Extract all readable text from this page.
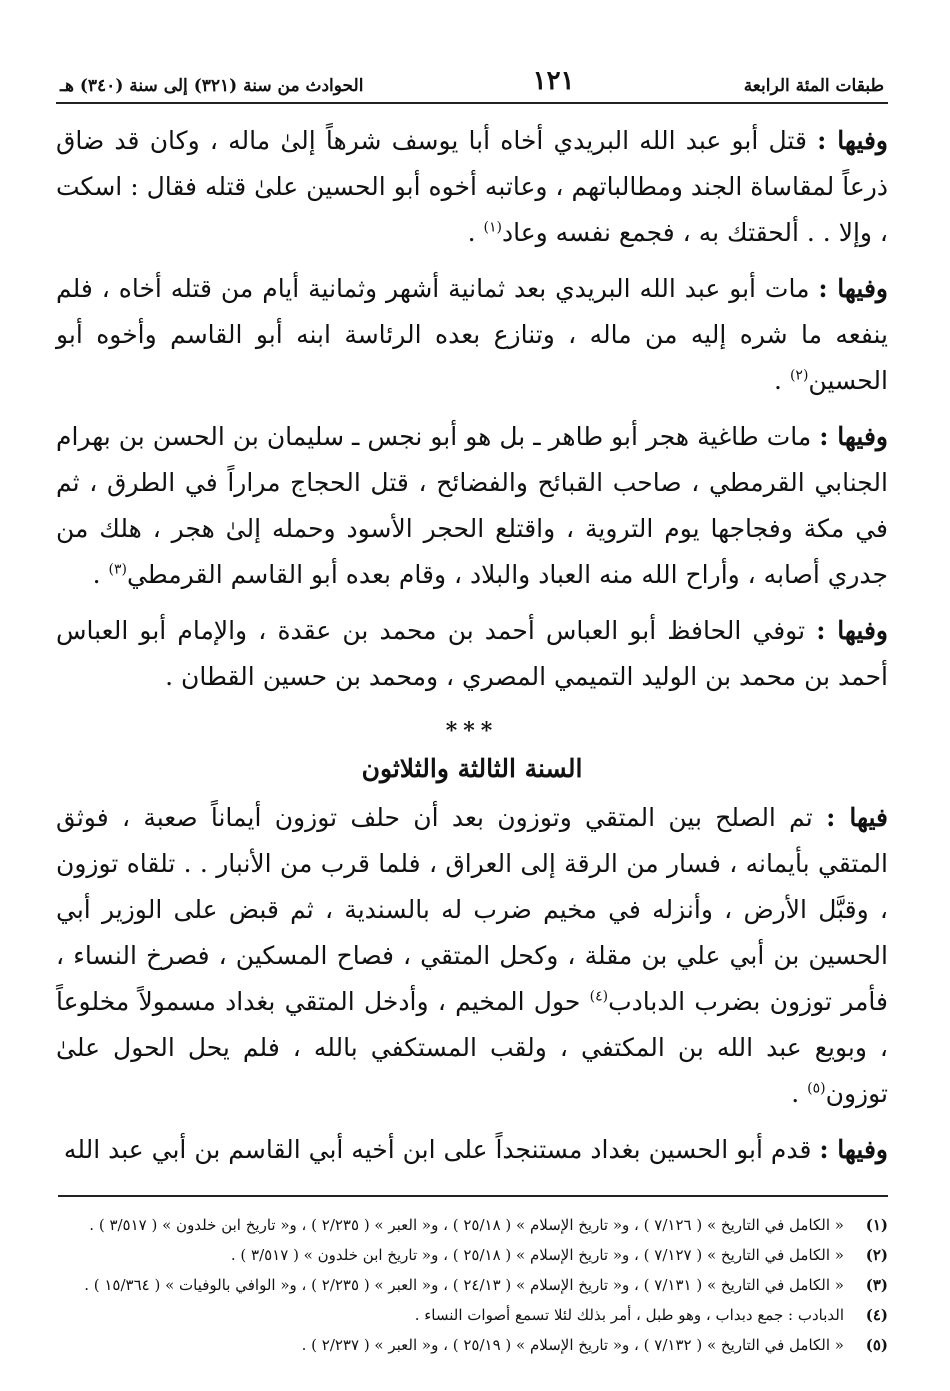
طبقات المئة الرابعة
١٢١
الحوادث من سنة (٣٢١) إلى سنة (٣٤٠) هـ

وفيها : قتل أبو عبد الله البريدي أخاه أبا يوسف شرهاً إلىٰ ماله ، وكان قد ضاق ذرعاً لمقاساة الجند ومطالباتهم ، وعاتبه أخوه أبو الحسين علىٰ قتله فقال : اسكت ، وإلا . . ألحقتك به ، فجمع نفسه وعاد$^{(١)}$ .

وفيها : مات أبو عبد الله البريدي بعد ثمانية أشهر وثمانية أيام من قتله أخاه ، فلم ينفعه ما شره إليه من ماله ، وتنازع بعده الرئاسة ابنه أبو القاسم وأخوه أبو الحسين$^{(٢)}$ .

وفيها : مات طاغية هجر أبو طاهر ـ بل هو أبو نجس ـ سليمان بن الحسن بن بهرام الجنابي القرمطي ، صاحب القبائح والفضائح ، قتل الحجاج مراراً في الطرق ، ثم في مكة وفجاجها يوم التروية ، واقتلع الحجر الأسود وحمله إلىٰ هجر ، هلك من جدري أصابه ، وأراح الله منه العباد والبلاد ، وقام بعده أبو القاسم القرمطي$^{(٣)}$ .

وفيها : توفي الحافظ أبو العباس أحمد بن محمد بن عقدة ، والإمام أبو العباس أحمد بن محمد بن الوليد التميمي المصري ، ومحمد بن حسين القطان .

***
السنة الثالثة والثلاثون

فيها : تم الصلح بين المتقي وتوزون بعد أن حلف توزون أيماناً صعبة ، فوثق المتقي بأيمانه ، فسار من الرقة إلى العراق ، فلما قرب من الأنبار . . تلقاه توزون ، وقبَّل الأرض ، وأنزله في مخيم ضرب له بالسندية ، ثم قبض على الوزير أبي الحسين بن أبي علي بن مقلة ، وكحل المتقي ، فصاح المسكين ، فصرخ النساء ، فأمر توزون بضرب الدبادب$^{(٤)}$ حول المخيم ، وأدخل المتقي بغداد مسمولاً مخلوعاً ، وبويع عبد الله بن المكتفي ، ولقب المستكفي بالله ، فلم يحل الحول علىٰ توزون$^{(٥)}$ .

وفيها : قدم أبو الحسين بغداد مستنجداً على ابن أخيه أبي القاسم بن أبي عبد الله

(١)
« الكامل في التاريخ » ( ٧/١٢٦ ) ، و« تاريخ الإسلام » ( ٢٥/١٨ ) ، و« العبر » ( ٢/٢٣٥ ) ، و« تاريخ ابن خلدون » ( ٣/٥١٧ ) .
(٢)
« الكامل في التاريخ » ( ٧/١٢٧ ) ، و« تاريخ الإسلام » ( ٢٥/١٨ ) ، و« تاريخ ابن خلدون » ( ٣/٥١٧ ) .
(٣)
« الكامل في التاريخ » ( ٧/١٣١ ) ، و« تاريخ الإسلام » ( ٢٤/١٣ ) ، و« العبر » ( ٢/٢٣٥ ) ، و« الوافي بالوفيات » ( ١٥/٣٦٤ ) .
(٤)
الدبادب : جمع دبداب ، وهو طبل ، أمر بذلك لئلا تسمع أصوات النساء .
(٥)
« الكامل في التاريخ » ( ٧/١٣٢ ) ، و« تاريخ الإسلام » ( ٢٥/١٩ ) ، و« العبر » ( ٢/٢٣٧ ) .
